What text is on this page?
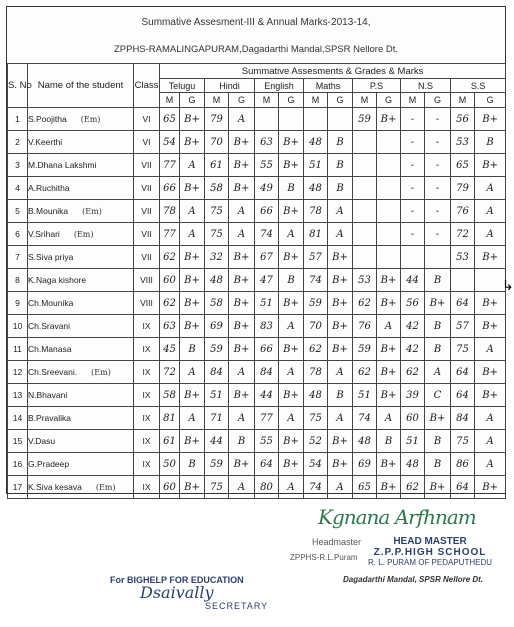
Summative Assesment-III & Annual Marks-2013-14,
ZPPHS-RAMALINGAPURAM,Dagadarthi Mandal,SPSR Nellore Dt.
S. No	Name of the student	Class	Summative Assesments & Grades & Marks														
			Telugu		Hindi		English		Maths		P.S		N.S		S.S		
			M	G	M	G	M	G	M	G	M	G	M	G	M	G	
1	S.Poojitha (Em)	VI	65	B+	79	A					59	B+	-	-	56	B+		
2	V.Keerthi	VI	54	B+	70	B+	63	B+	48	B			-	-	53	B		
3	M.Dhana Lakshmi	VII	77	A	61	B+	55	B+	51	B			-	-	65	B+		
4	A.Ruchitha	VII	66	B+	58	B+	49	B	48	B			-	-	79	A		
5	B.Mounika (Em)	VII	78	A	75	A	66	B+	78	A			-	-	76	A		
6	V.Srihari (Em)	VII	77	A	75	A	74	A	81	A			-	-	72	A		
7	S.Siva priya	VII	62	B+	32	B+	67	B+	57	B+					53	B+		
8	K.Naga kishore	VIII	60	B+	48	B+	47	B	74	B+	53	B+	44	B				
9	Ch.Mounika	VIII	62	B+	58	B+	51	B+	59	B+	62	B+	56	B+	64	B+		
10	Ch.Sravani	IX	63	B+	69	B+	83	A	70	B+	76	A	42	B	57	B+		
11	Ch.Manasa	IX	45	B	59	B+	66	B+	62	B+	59	B+	42	B	75	A		
12	Ch.Sreevani. (Em)	IX	72	A	84	A	84	A	78	A	62	B+	62	A	64	B+		
13	N.Bhavani	IX	58	B+	51	B+	44	B+	48	B	51	B+	39	C	64	B+		
14	B.Pravalika	IX	81	A	71	A	77	A	75	A	74	A	60	B+	84	A		
15	V.Dasu	IX	61	B+	44	B	55	B+	52	B+	48	B	51	B	75	A		
16	G.Pradeep	IX	50	B	59	B+	64	B+	54	B+	69	B+	48	B	86	A		
17	K.Siva kesava (Em)	IX	60	B+	75	A	80	A	74	A	65	B+	62	B+	64	B+		
↳
Kgnana Arfhnam
Headmaster	HEAD MASTER
Z.P.P.HIGH SCHOOL
R. L. PURAM OF PEDAPUTHEDU
ZPPHS-R.L.Puram
Dagadarthi Mandal, SPSR Nellore Dt.
For BIGHELP FOR EDUCATION
Dsaivally
SECRETARY
